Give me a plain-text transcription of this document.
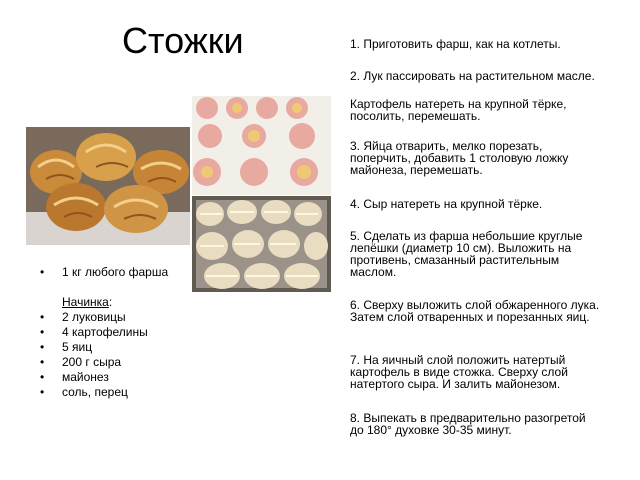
Стожки
• 1 кг любого фарша
Начинка:
• 2 луковицы
• 4 картофелины
• 5 яиц
• 200 г сыра
• майонез
• соль, перец

1. Приготовить фарш, как на котлеты.

2. Лук пассировать на растительном масле.

Картофель натереть на крупной тёрке, посолить, перемешать.

3. Яйца отварить, мелко порезать, поперчить, добавить 1 столовую ложку майонеза, перемешать.

4. Сыр натереть на крупной тёрке.

5. Сделать из фарша небольшие круглые лепёшки (диаметр 10 см). Выложить на противень, смазанный растительным маслом.

6. Сверху выложить слой обжаренного лука. Затем слой отваренных и порезанных яиц.

7. На яичный слой положить натертый картофель в виде стожка. Сверху слой натертого сыра. И залить майонезом.

8. Выпекать в предварительно разогретой до 180° духовке 30-35 минут.
